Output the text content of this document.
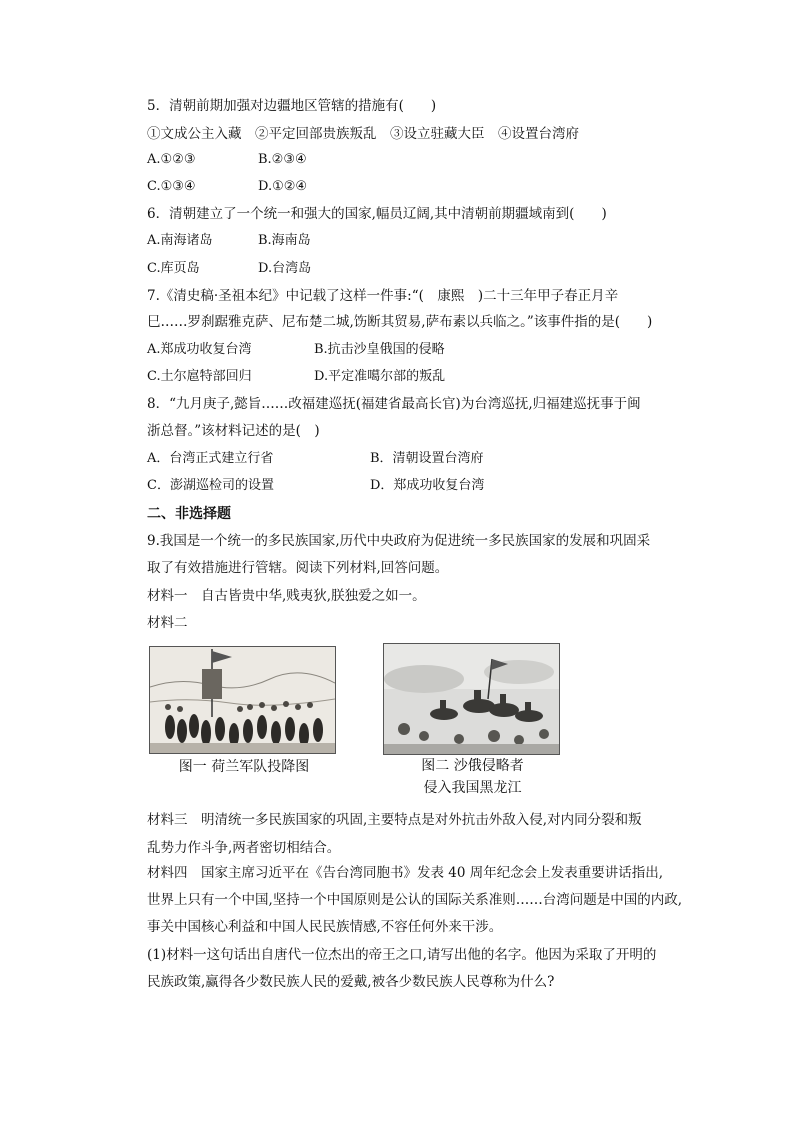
5．清朝前期加强对边疆地区管辖的措施有(　　)
①文成公主入藏　②平定回部贵族叛乱　③设立驻藏大臣　④设置台湾府
A.①②③	B.②③④
C.①③④	D.①②④
6．清朝建立了一个统一和强大的国家,幅员辽阔,其中清朝前期疆域南到(　　)
A.南海诸岛	B.海南岛
C.库页岛	D.台湾岛
7.《清史稿·圣祖本纪》中记载了这样一件事:“(　康熙　)二十三年甲子春正月辛
巳……罗刹踞雅克萨、尼布楚二城,饬断其贸易,萨布素以兵临之。”该事件指的是(　　)
A.郑成功收复台湾	B.抗击沙皇俄国的侵略
C.土尔扈特部回归	D.平定准噶尔部的叛乱
8．“九月庚子,懿旨……改福建巡抚(福建省最高长官)为台湾巡抚,归福建巡抚事于闽
浙总督。”该材料记述的是(　)
A．台湾正式建立行省	B．清朝设置台湾府
C．澎湖巡检司的设置	D．郑成功收复台湾
二、非选择题
9.我国是一个统一的多民族国家,历代中央政府为促进统一多民族国家的发展和巩固采
取了有效措施进行管辖。阅读下列材料,回答问题。
材料一　自古皆贵中华,贱夷狄,朕独爱之如一。
材料二
图一 荷兰军队投降图	图二 沙俄侵略者
侵入我国黑龙江
材料三　明清统一多民族国家的巩固,主要特点是对外抗击外敌入侵,对内同分裂和叛
乱势力作斗争,两者密切相结合。
材料四　国家主席习近平在《告台湾同胞书》发表 40 周年纪念会上发表重要讲话指出,
世界上只有一个中国,坚持一个中国原则是公认的国际关系准则……台湾问题是中国的内政,
事关中国核心利益和中国人民民族情感,不容任何外来干涉。
(1)材料一这句话出自唐代一位杰出的帝王之口,请写出他的名字。他因为采取了开明的
民族政策,赢得各少数民族人民的爱戴,被各少数民族人民尊称为什么?
